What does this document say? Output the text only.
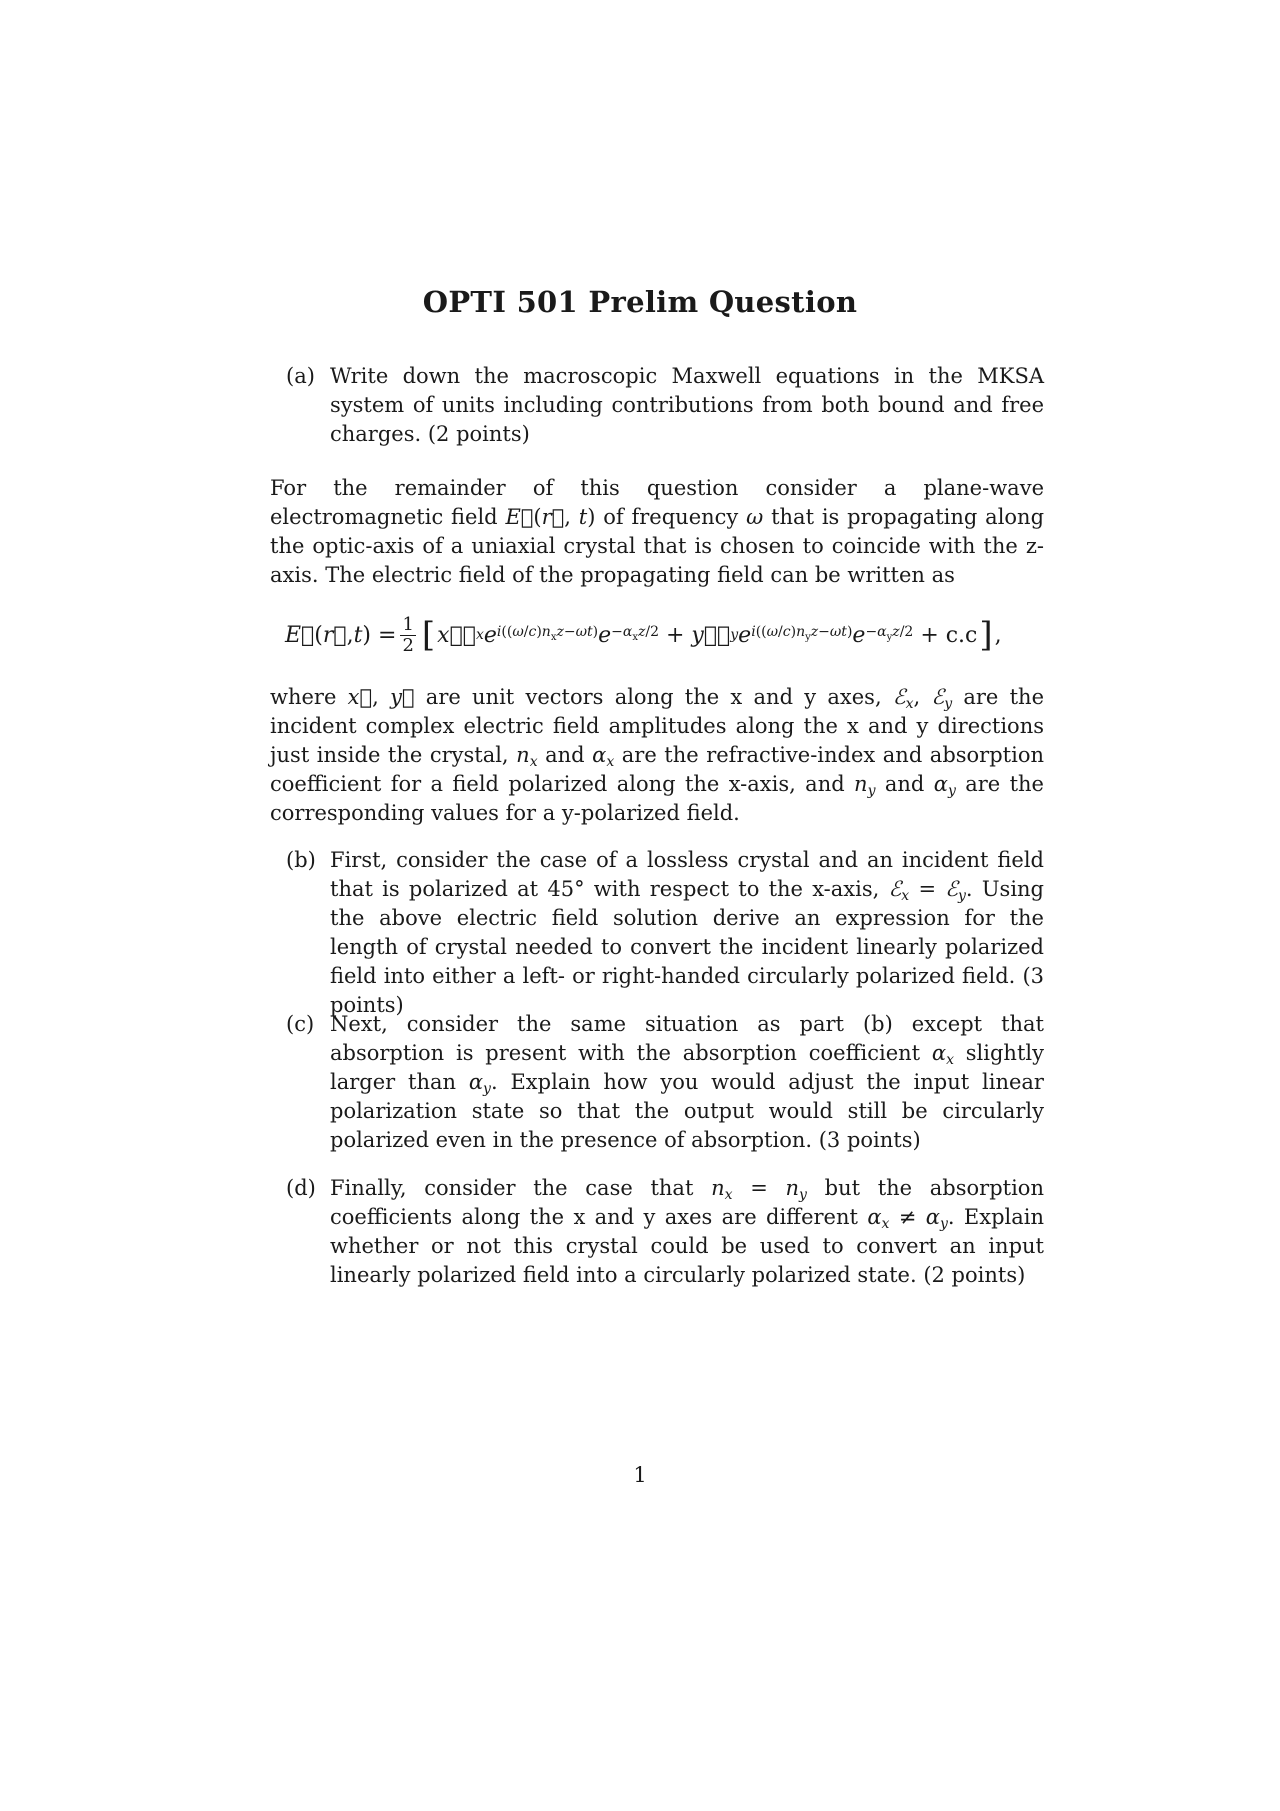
OPTI 501 Prelim Question
(a) Write down the macroscopic Maxwell equations in the MKSA system of units including contributions from both bound and free charges. (2 points)
For the remainder of this question consider a plane-wave electromagnetic field E⃗(r⃗, t) of frequency ω that is propagating along the optic-axis of a uniaxial crystal that is chosen to coincide with the z-axis. The electric field of the propagating field can be written as
E⃗ ( r⃗ , t ) = $\frac{1}{2}$ [ x⃗ℰ x e $i((\omega/c)n_xz-\omega t)$ $e -\alpha_xz/2$ + y⃗ℰ y e $i((\omega/c)n_yz-\omega t)$ $e -\alpha_yz/2$
+ c.c ] ,
where x⃗, y⃗ are unit vectors along the x and y axes, ℰ$_x$, ℰ$_y$ are the incident complex electric field amplitudes along the x and y directions just inside the crystal, $n_x$ and $\alpha_x$ are the refractive-index and absorption coefficient for a field polarized along the x-axis, and $n_y$ and $\alpha_y$ are the corresponding values for a y-polarized field.
(b) First, consider the case of a lossless crystal and an incident field that is polarized at 45° with respect to the x-axis, ℰ$_x$ = ℰ$_y$. Using the above electric field solution derive an expression for the length of crystal needed to convert the incident linearly polarized field into either a left- or right-handed circularly polarized field. (3 points)
(c) Next, consider the same situation as part (b) except that absorption is present with the absorption coefficient $\alpha_x$ slightly larger than $\alpha_y$. Explain how you would adjust the input linear polarization state so that the output would still be circularly polarized even in the presence of absorption. (3 points)
(d) Finally, consider the case that $n_x = n_y$ but the absorption coefficients along the x and y axes are different $\alpha_x \ne \alpha_y$. Explain whether or not this crystal could be used to convert an input linearly polarized field into a circularly polarized state. (2 points)
1
